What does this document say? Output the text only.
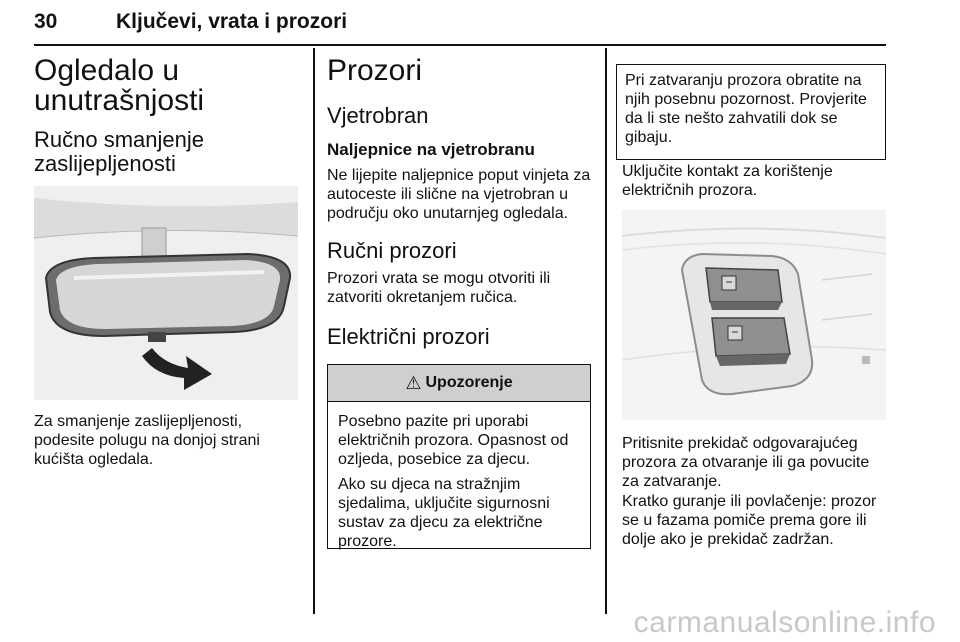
30	Ključevi, vrata i prozori
Ogledalo u unutrašnjosti
Ručno smanjenje zaslijepljenosti

Za smanjenje zaslijepljenosti, podesite polugu na donjoj strani kućišta ogledala.

Prozori
Vjetrobran
Naljepnice na vjetrobranu

Ne lijepite naljepnice poput vinjeta za autoceste ili slične na vjetrobran u području oko unutarnjeg ogledala.

Ručni prozori

Prozori vrata se mogu otvoriti ili zatvoriti okretanjem ručica.

Električni prozori
⚠ Upozorenje

Posebno pazite pri uporabi električnih prozora. Opasnost od ozljeda, posebice za djecu.

Ako su djeca na stražnjim sjedalima, uključite sigurnosni sustav za djecu za električne prozore.

Pri zatvaranju prozora obratite na njih posebnu pozornost. Provjerite da li ste nešto zahvatili dok se gibaju.

Uključite kontakt za korištenje električnih prozora.

Pritisnite prekidač odgovarajućeg prozora za otvaranje ili ga povucite za zatvaranje.

Kratko guranje ili povlačenje: prozor se u fazama pomiče prema gore ili dolje ako je prekidač zadržan.

carmanualsonline.info
